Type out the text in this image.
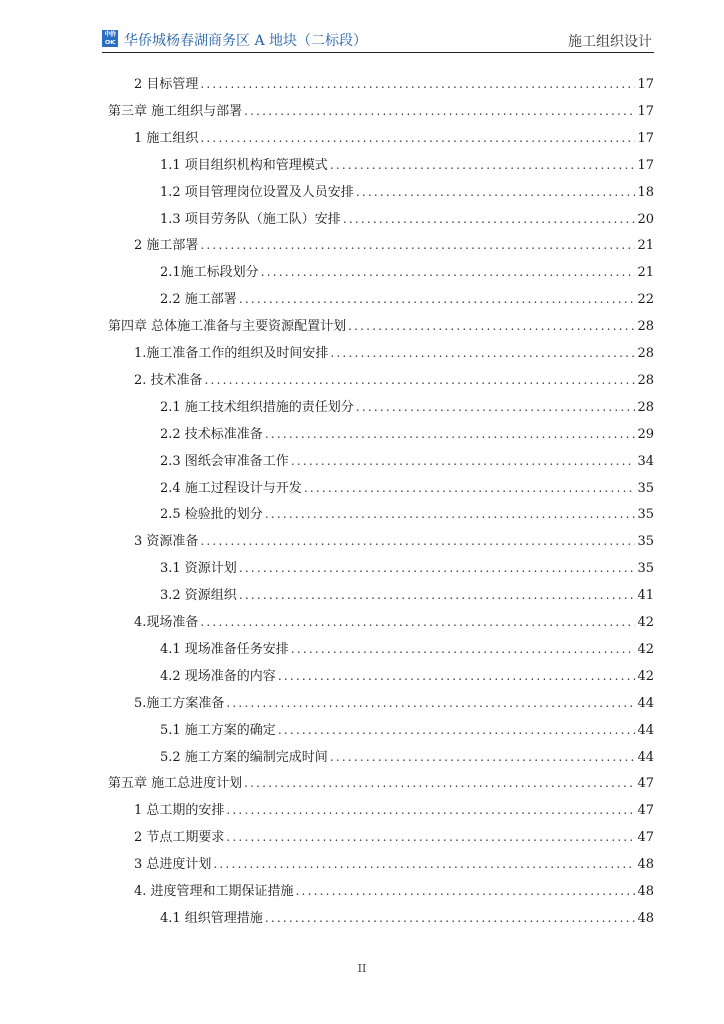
中侨
CHC 华侨城杨春湖商务区 A 地块（二标段）	施工组织设计
2 目标管理 .....	17
第三章 施工组织与部署 .....	17
1 施工组织 .....	17
1.1 项目组织机构和管理模式 .....	17
1.2 项目管理岗位设置及人员安排 .....	18
1.3 项目劳务队（施工队）安排 .....	20
2 施工部署 .....	21
2.1施工标段划分 .....	21
2.2 施工部署 .....	22
第四章 总体施工准备与主要资源配置计划 .....	28
1.施工准备工作的组织及时间安排 .....	28
2. 技术准备 .....	28
2.1 施工技术组织措施的责任划分 .....	28
2.2 技术标准准备 .....	29
2.3 图纸会审准备工作 .....	34
2.4 施工过程设计与开发 .....	35
2.5 检验批的划分 .....	35
3 资源准备 .....	35
3.1 资源计划 .....	35
3.2 资源组织 .....	41
4.现场准备 .....	42
4.1 现场准备任务安排 .....	42
4.2 现场准备的内容 .....	42
5.施工方案准备 .....	44
5.1 施工方案的确定 .....	44
5.2 施工方案的编制完成时间 .....	44
第五章 施工总进度计划 .....	47
1 总工期的安排 .....	47
2 节点工期要求 .....	47
3 总进度计划 .....	48
4. 进度管理和工期保证措施 .....	48
4.1 组织管理措施 .....	48
II
